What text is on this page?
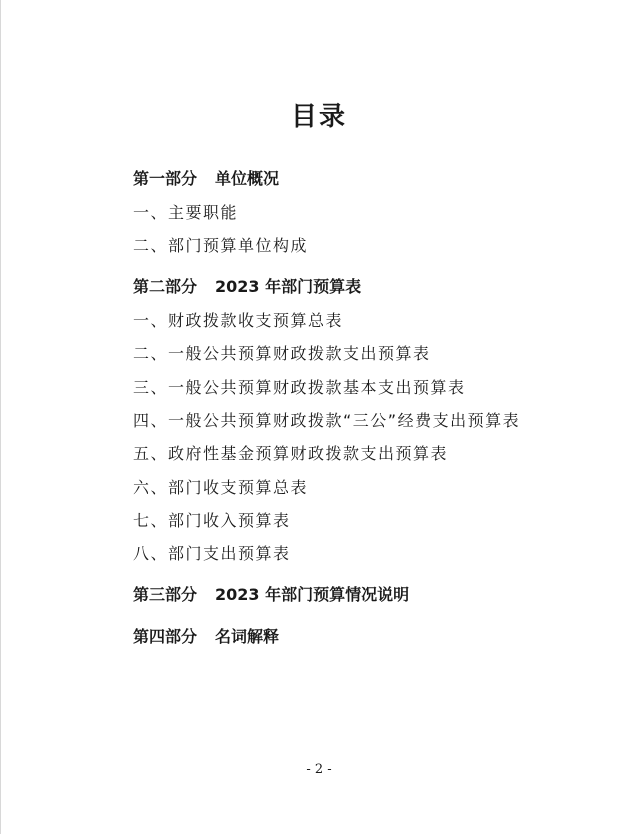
目录
第一部分 单位概况
一、主要职能
二、部门预算单位构成
第二部分 2023 年部门预算表
一、财政拨款收支预算总表
二、一般公共预算财政拨款支出预算表
三、一般公共预算财政拨款基本支出预算表
四、一般公共预算财政拨款“三公”经费支出预算表
五、政府性基金预算财政拨款支出预算表
六、部门收支预算总表
七、部门收入预算表
八、部门支出预算表
第三部分 2023 年部门预算情况说明
第四部分 名词解释
- 2 -
